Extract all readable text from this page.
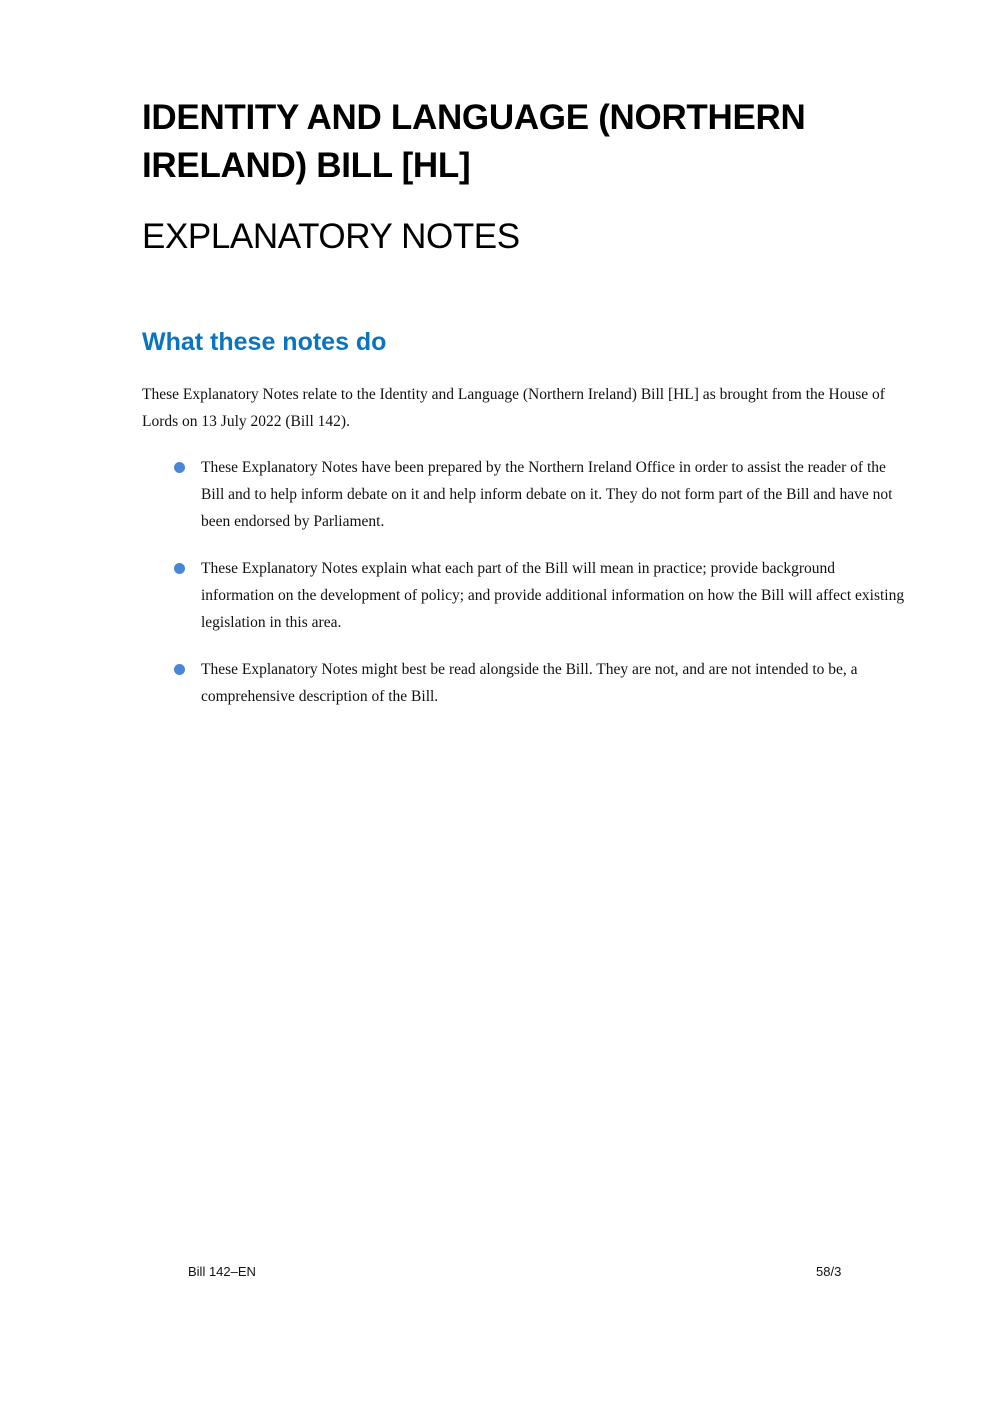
IDENTITY AND LANGUAGE (NORTHERN
IRELAND) BILL [HL]
EXPLANATORY NOTES
What these notes do

These Explanatory Notes relate to the Identity and Language (Northern Ireland) Bill [HL] as brought from the House of Lords on 13 July 2022 (Bill 142).

These Explanatory Notes have been prepared by the Northern Ireland Office in order to assist the reader of the Bill and to help inform debate on it and help inform debate on it. They do not form part of the Bill and have not been endorsed by Parliament.
These Explanatory Notes explain what each part of the Bill will mean in practice; provide background information on the development of policy; and provide additional information on how the Bill will affect existing legislation in this area.
These Explanatory Notes might best be read alongside the Bill. They are not, and are not intended to be, a comprehensive description of the Bill.
Bill 142–EN	58/3
